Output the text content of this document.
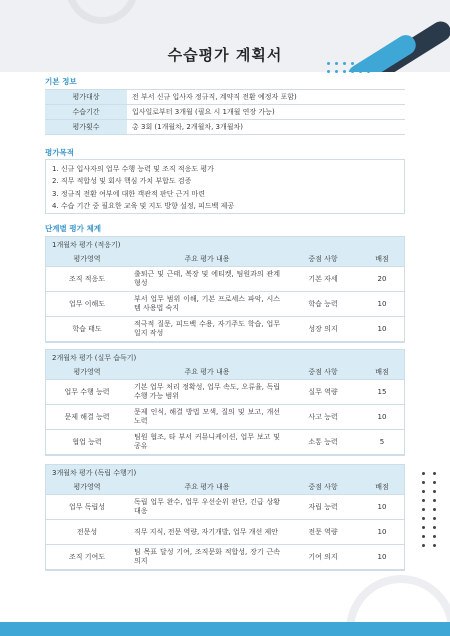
수습평가 계획서
기본 정보
평가대상	전 부서 신규 입사자 정규직, 계약직 전환 예정자 포함)
수습기간	입사일로부터 3개월 (필요 시 1개월 연장 가능)
평가횟수	총 3회 (1개월차, 2개월차, 3개월차)
평가목적
1. 신규 입사자의 업무 수행 능력 및 조직 적응도 평가
2. 직무 적합성 및 회사 핵심 가치 부합도 검증
3. 정규직 전환 여부에 대한 객관적 판단 근거 마련
4. 수습 기간 중 필요한 교육 및 지도 방향 설정, 피드백 제공
단계별 평가 체계
1개월차 평가 (적응기)
평가영역	주요 평가 내용	중점 사항	배점
조직 적응도	출퇴근 및 근태, 복장 및 에티켓, 팀원과의 관계 형성	기본 자세	20
업무 이해도	부서 업무 범위 이해, 기본 프로세스 파악, 시스템 사용법 숙지	학습 능력	10
학습 태도	적극적 질문, 피드백 수용, 자기주도 학습, 업무 일지 작성	성장 의지	10
2개월차 평가 (실무 습득기)
평가영역	주요 평가 내용	중점 사항	배점
업무 수행 능력	기본 업무 처리 정확성, 업무 속도, 오류율, 독립 수행 가능 범위	실무 역량	15
문제 해결 능력	문제 인식, 해결 방법 모색, 질의 및 보고, 개선 노력	사고 능력	10
협업 능력	팀원 협조, 타 부서 커뮤니케이션, 업무 보고 및 공유	소통 능력	5
3개월차 평가 (독립 수행기)
평가영역	주요 평가 내용	중점 사항	배점
업무 독립성	독립 업무 완수, 업무 우선순위 판단, 긴급 상황 대응	자립 능력	10
전문성	직무 지식, 전문 역량, 자기개발, 업무 개선 제안	전문 역량	10
조직 기여도	팀 목표 달성 기여, 조직문화 적합성, 장기 근속 의지	기여 의지	10
